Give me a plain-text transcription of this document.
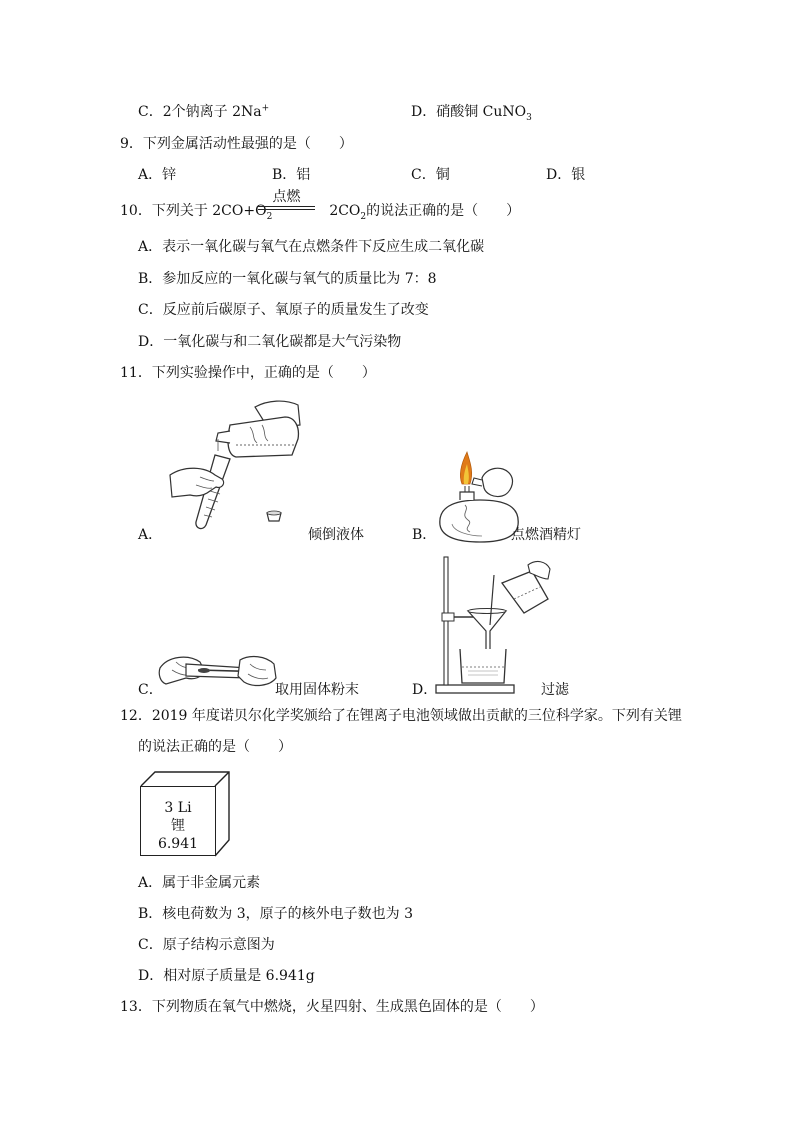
C．2个钠离子 2Na+	D．硝酸铜 CuNO$_3$
9．下列金属活动性最强的是（　　）
A．锌	B．铝	C．铜	D．银
10．下列关于 $2CO+O_2$	$2CO_2$的说法正确的是（　　）
点燃
A．表示一氧化碳与氧气在点燃条件下反应生成二氧化碳
B．参加反应的一氧化碳与氧气的质量比为 7：8
C．反应前后碳原子、氧原子的质量发生了改变
D．一氧化碳与和二氧化碳都是大气污染物
11．下列实验操作中，正确的是（　　）
A．	倾倒液体	B．	点燃酒精灯
C．	取用固体粉末	D．	过滤
12．2019 年度诺贝尔化学奖颁给了在锂离子电池领域做出贡献的三位科学家。下列有关锂
的说法正确的是（　　）
3 Li
锂
6.941
A．属于非金属元素
B．核电荷数为 3，原子的核外电子数也为 3
C．原子结构示意图为
D．相对原子质量是 6.941g
13．下列物质在氧气中燃烧，火星四射、生成黑色固体的是（　　）
